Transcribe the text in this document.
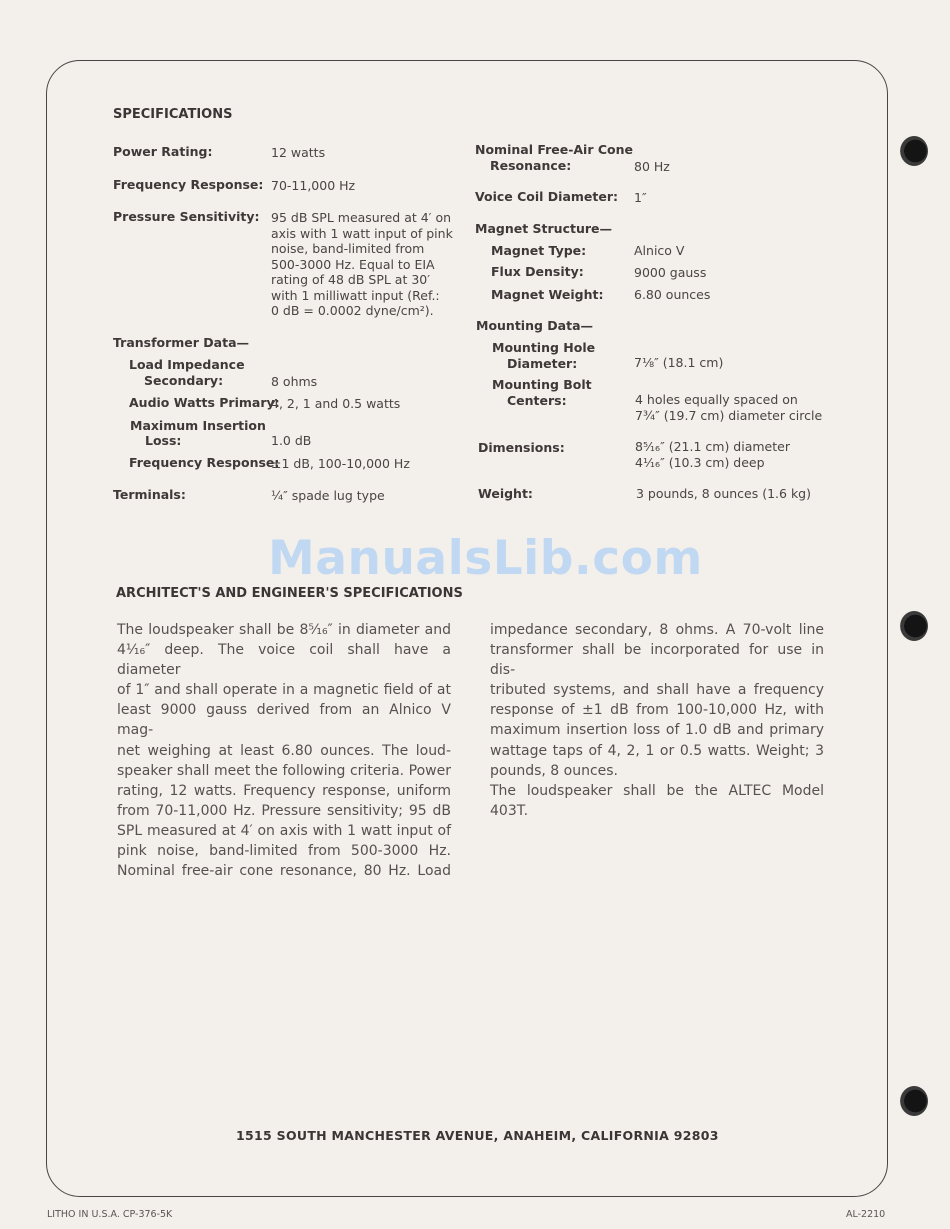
SPECIFICATIONS
Power Rating:	12 watts
Frequency Response: 70-11,000 Hz
Pressure Sensitivity: 95 dB SPL measured at 4′ on
axis with 1 watt input of pink
noise, band-limited from
500-3000 Hz. Equal to EIA
rating of 48 dB SPL at 30′
with 1 milliwatt input (Ref.:
0 dB = 0.0002 dyne/cm²).
Transformer Data—
Load Impedance
Secondary:	8 ohms
Audio Watts Primary:
4, 2, 1 and 0.5 watts
Maximum Insertion
Loss:	1.0 dB
Frequency Response:
±1 dB, 100-10,000 Hz
Terminals:	¼″ spade lug type
Nominal Free-Air Cone
Resonance:	80 Hz
Voice Coil Diameter: 1″
Magnet Structure—
Magnet Type:	Alnico V
Flux Density:	9000 gauss
Magnet Weight: 6.80 ounces
Mounting Data—
Mounting Hole
Diameter:	7⅛″ (18.1 cm)
Mounting Bolt
Centers:	4 holes equally spaced on
7¾″ (19.7 cm) diameter circle
Dimensions:	8⁵⁄₁₆″ (21.1 cm) diameter
4¹⁄₁₆″ (10.3 cm) deep
Weight:	3 pounds, 8 ounces (1.6 kg)
ManualsLib.com
ARCHITECT'S AND ENGINEER'S SPECIFICATIONS
The loudspeaker shall be 8⁵⁄₁₆″ in diameter and
4¹⁄₁₆″ deep. The voice coil shall have a diameter
of 1″ and shall operate in a magnetic field of at
least 9000 gauss derived from an Alnico V mag-
net weighing at least 6.80 ounces. The loud-
speaker shall meet the following criteria. Power
rating, 12 watts. Frequency response, uniform
from 70-11,000 Hz. Pressure sensitivity; 95 dB
SPL measured at 4′ on axis with 1 watt input of
pink noise, band-limited from 500-3000 Hz.
Nominal free-air cone resonance, 80 Hz. Load
impedance secondary, 8 ohms. A 70-volt line
transformer shall be incorporated for use in dis-
tributed systems, and shall have a frequency
response of ±1 dB from 100-10,000 Hz, with
maximum insertion loss of 1.0 dB and primary
wattage taps of 4, 2, 1 or 0.5 watts. Weight; 3
pounds, 8 ounces.
The loudspeaker shall be the ALTEC Model
403T.
1515 SOUTH MANCHESTER AVENUE, ANAHEIM, CALIFORNIA 92803
LITHO IN U.S.A. CP-376-5K	AL-2210
